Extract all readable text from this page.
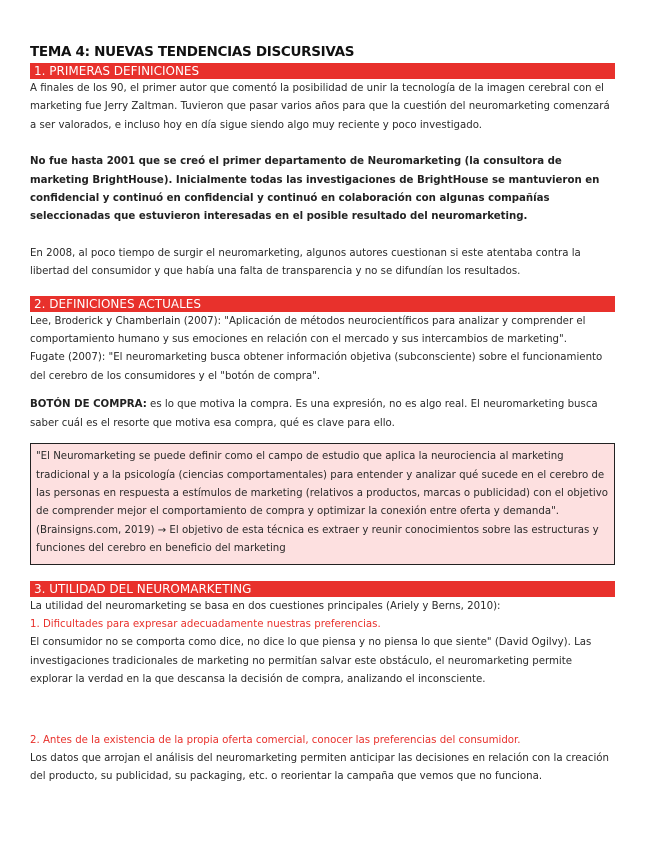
TEMA 4: NUEVAS TENDENCIAS DISCURSIVAS
1. PRIMERAS DEFINICIONES

A finales de los 90, el primer autor que comentó la posibilidad de unir la tecnología de la imagen cerebral con el marketing fue Jerry Zaltman. Tuvieron que pasar varios años para que la cuestión del neuromarketing comenzará a ser valorados, e incluso hoy en día sigue siendo algo muy reciente y poco investigado.

No fue hasta 2001 que se creó el primer departamento de Neuromarketing (la consultora de marketing BrightHouse). Inicialmente todas las investigaciones de BrightHouse se mantuvieron en confidencial y continuó en confidencial y continuó en colaboración con algunas compañías seleccionadas que estuvieron interesadas en el posible resultado del neuromarketing.

En 2008, al poco tiempo de surgir el neuromarketing, algunos autores cuestionan si este atentaba contra la libertad del consumidor y que había una falta de transparencia y no se difundían los resultados.

2. DEFINICIONES ACTUALES

Lee, Broderick y Chamberlain (2007): "Aplicación de métodos neurocientíficos para analizar y comprender el comportamiento humano y sus emociones en relación con el mercado y sus intercambios de marketing".

Fugate (2007): "El neuromarketing busca obtener información objetiva (subconsciente) sobre el funcionamiento del cerebro de los consumidores y el "botón de compra".

BOTÓN DE COMPRA: es lo que motiva la compra. Es una expresión, no es algo real. El neuromarketing busca saber cuál es el resorte que motiva esa compra, qué es clave para ello.

"El Neuromarketing se puede definir como el campo de estudio que aplica la neurociencia al marketing tradicional y a la psicología (ciencias comportamentales) para entender y analizar qué sucede en el cerebro de las personas en respuesta a estímulos de marketing (relativos a productos, marcas o publicidad) con el objetivo de comprender mejor el comportamiento de compra y optimizar la conexión entre oferta y demanda". (Brainsigns.com, 2019) → El objetivo de esta técnica es extraer y reunir conocimientos sobre las estructuras y funciones del cerebro en beneficio del marketing
3. UTILIDAD DEL NEUROMARKETING

La utilidad del neuromarketing se basa en dos cuestiones principales (Ariely y Berns, 2010):

1. Dificultades para expresar adecuadamente nuestras preferencias.

El consumidor no se comporta como dice, no dice lo que piensa y no piensa lo que siente" (David Ogilvy). Las investigaciones tradicionales de marketing no permitían salvar este obstáculo, el neuromarketing permite explorar la verdad en la que descansa la decisión de compra, analizando el inconsciente.

2. Antes de la existencia de la propia oferta comercial, conocer las preferencias del consumidor.

Los datos que arrojan el análisis del neuromarketing permiten anticipar las decisiones en relación con la creación del producto, su publicidad, su packaging, etc. o reorientar la campaña que vemos que no funciona.
